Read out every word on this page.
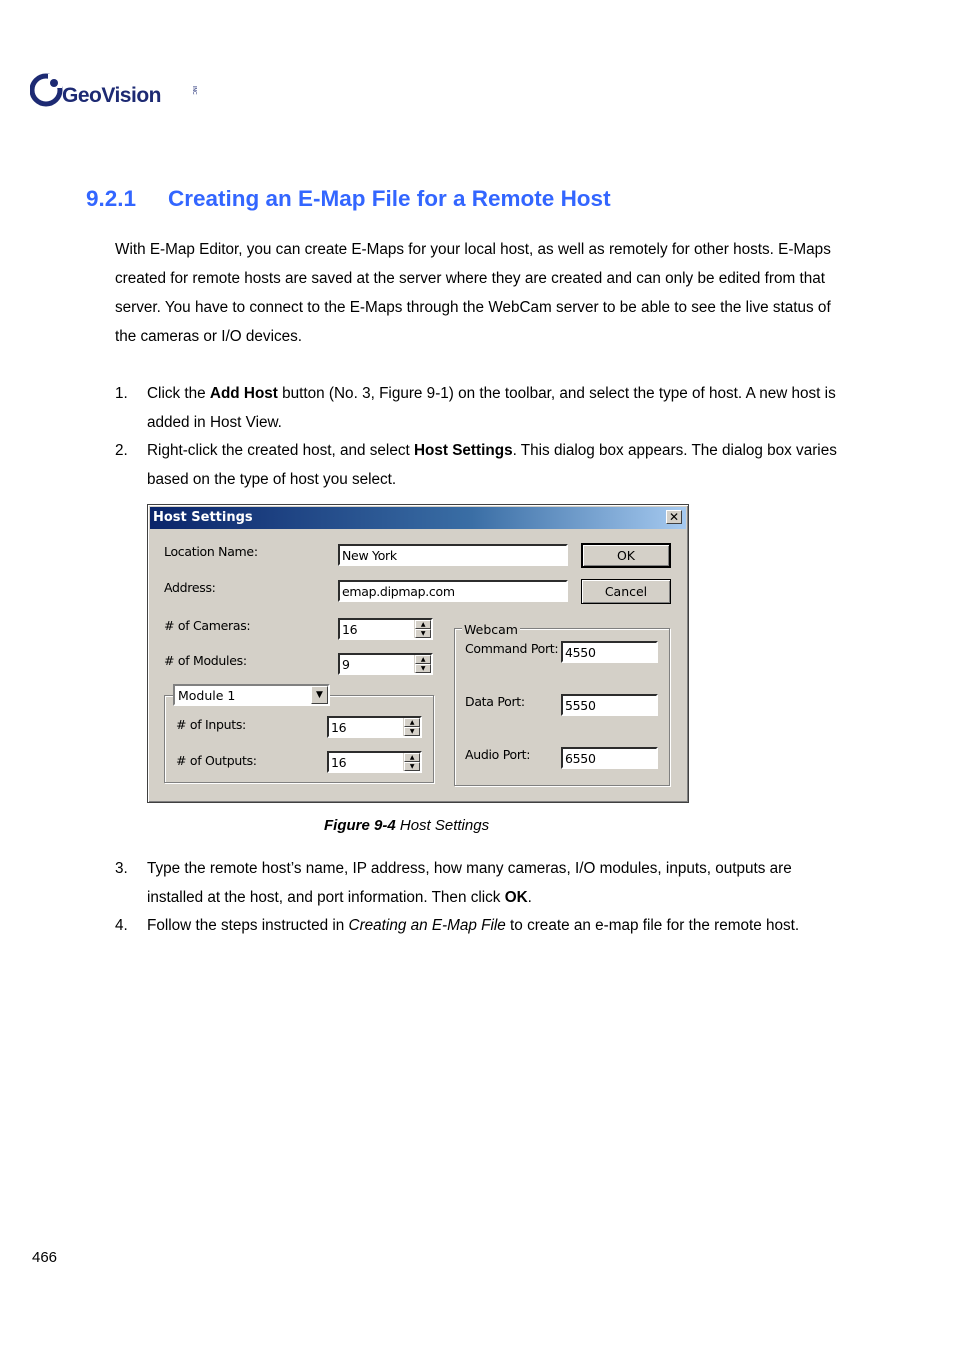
GeoVision	INC
9.2.1 Creating an E-Map File for a Remote Host

With E-Map Editor, you can create E-Maps for your local host, as well as remotely for other hosts. E-Maps created for remote hosts are saved at the server where they are created and can only be edited from that server. You have to connect to the E-Maps through the WebCam server to be able to see the live status of the cameras or I/O devices.

1. Click the Add Host button (No. 3, Figure 9-1) on the toolbar, and select the type of host. A new host is added in Host View.
2. Right-click the created host, and select Host Settings. This dialog box appears. The dialog box varies based on the type of host you select.
Host Settings	✕
Location Name:	New York
Address:	emap.dipmap.com
OK
Cancel
# of Cameras:	16	▲
▼
# of Modules:	9	▲
▼
Module 1	▼
# of Inputs:	16	▲
▼
# of Outputs:	16	▲
▼
Webcam
Command Port: 4550
Data Port:	5550
Audio Port:	6550
Figure 9-4 Host Settings
3. Type the remote host’s name, IP address, how many cameras, I/O modules, inputs, outputs are installed at the host, and port information. Then click OK.
4. Follow the steps instructed in Creating an E-Map File to create an e-map file for the remote host.
466
